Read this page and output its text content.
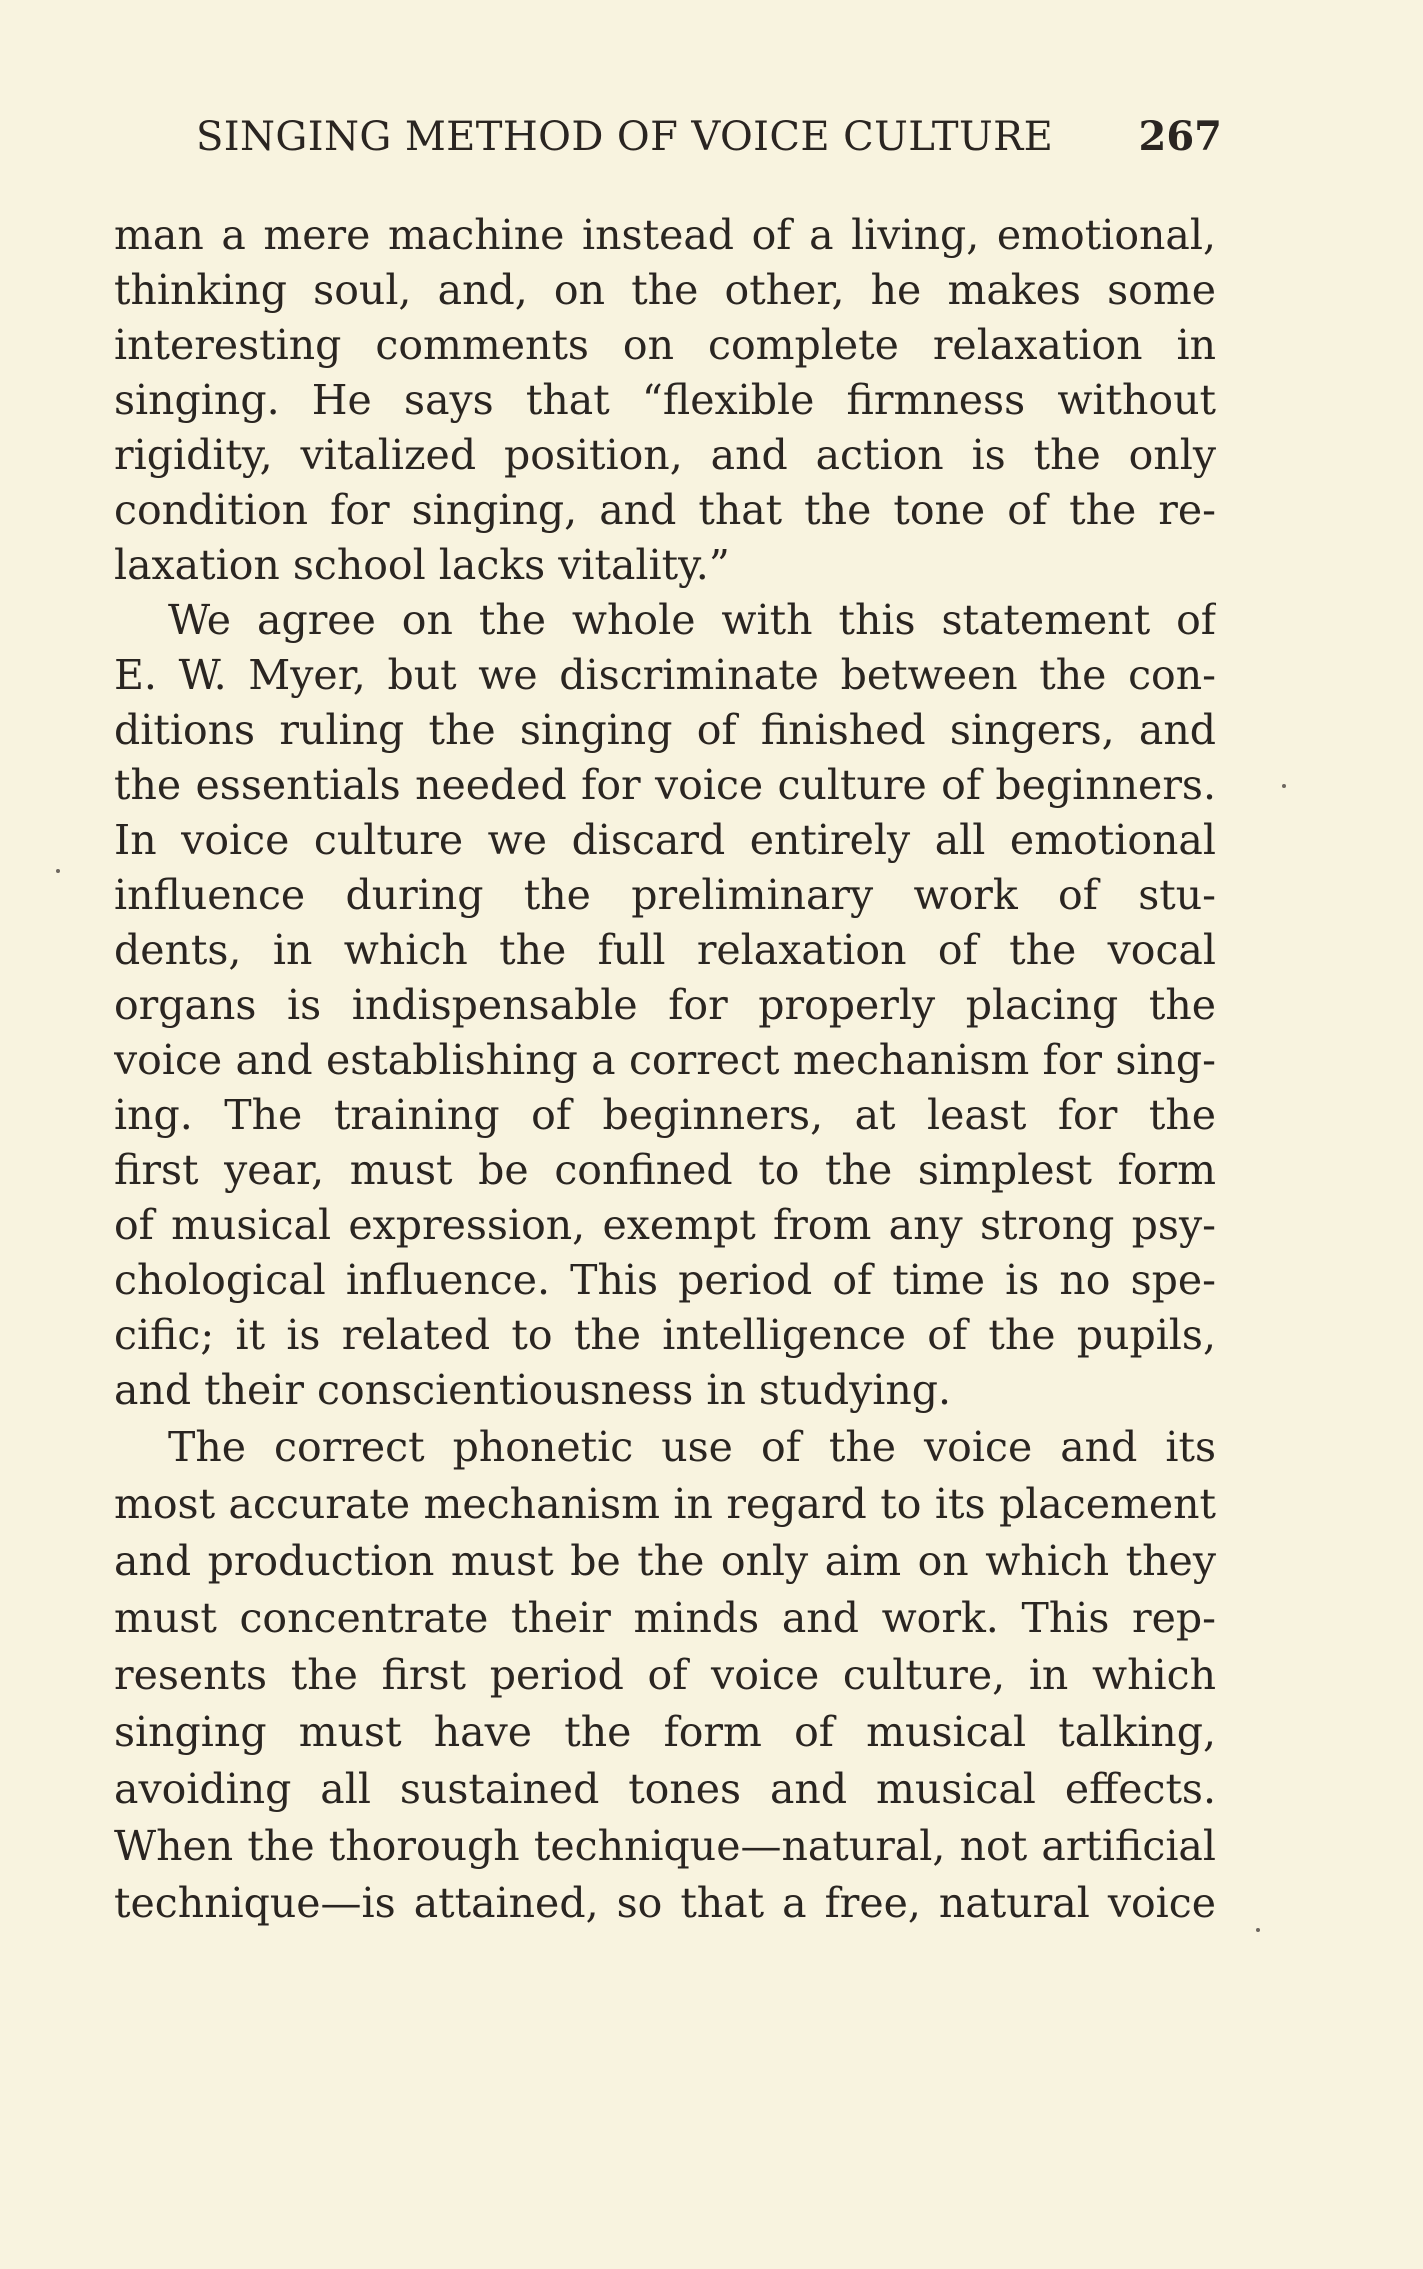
SINGING METHOD OF VOICE CULTURE 267
man a mere machine instead of a living, emotional,
thinking soul, and, on the other, he makes some
interesting comments on complete relaxation in
singing. He says that “flexible firmness without
rigidity, vitalized position, and action is the only
condition for singing, and that the tone of the re-
laxation school lacks vitality.”
We agree on the whole with this statement of
E. W. Myer, but we discriminate between the con-
ditions ruling the singing of finished singers, and
the essentials needed for voice culture of beginners.
In voice culture we discard entirely all emotional
influence during the preliminary work of stu-
dents, in which the full relaxation of the vocal
organs is indispensable for properly placing the
voice and establishing a correct mechanism for sing-
ing. The training of beginners, at least for the
first year, must be confined to the simplest form
of musical expression, exempt from any strong psy-
chological influence. This period of time is no spe-
cific; it is related to the intelligence of the pupils,
and their conscientiousness in studying.
The correct phonetic use of the voice and its
most accurate mechanism in regard to its placement
and production must be the only aim on which they
must concentrate their minds and work. This rep-
resents the first period of voice culture, in which
singing must have the form of musical talking,
avoiding all sustained tones and musical effects.
When the thorough technique—natural, not artificial
technique—is attained, so that a free, natural voice
